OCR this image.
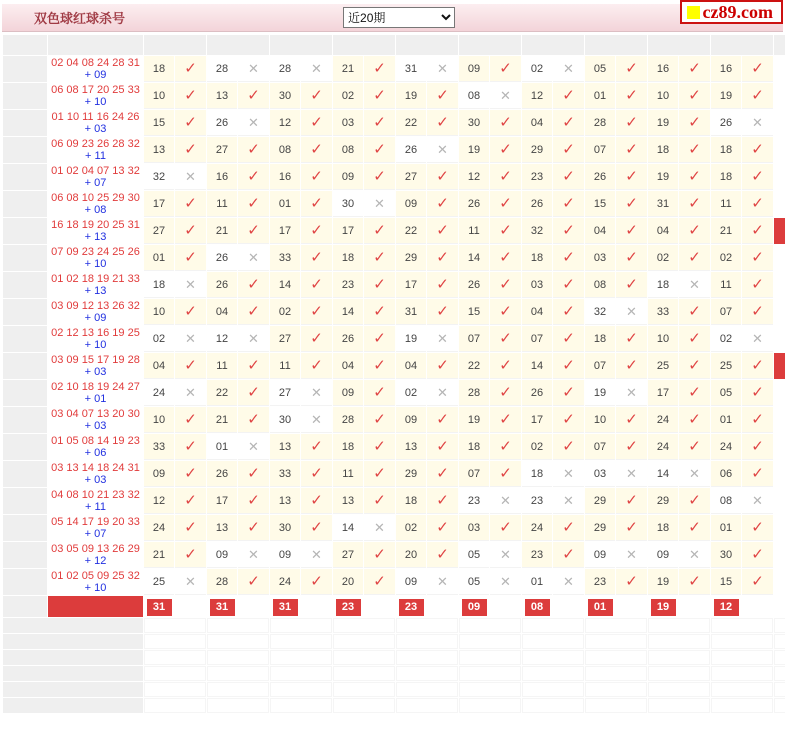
双色球红球杀号
近20期	cz89.com

	02 04 08 24 28 31
+ 09	18	✓	28	✕	28	✕	21	✓	31	✕	09	✓	02	✕	05	✓	16	✓	16	✓	

	06 08 17 20 25 33
+ 10	10	✓	13	✓	30	✓	02	✓	19	✓	08	✕	12	✓	01	✓	10	✓	19	✓	

	01 10 11 16 24 26
+ 03	15	✓	26	✕	12	✓	03	✓	22	✓	30	✓	04	✓	28	✓	19	✓	26	✕	

	06 09 23 26 28 32
+ 11	13	✓	27	✓	08	✓	08	✓	26	✕	19	✓	29	✓	07	✓	18	✓	18	✓	

	01 02 04 07 13 32
+ 07	32	✕	16	✓	16	✓	09	✓	27	✓	12	✓	23	✓	26	✓	19	✓	18	✓	

	06 08 10 25 29 30
+ 08	17	✓	11	✓	01	✓	30	✕	09	✓	26	✓	26	✓	15	✓	31	✓	11	✓	

	16 18 19 20 25 31
+ 13	27	✓	21	✓	17	✓	17	✓	22	✓	11	✓	32	✓	04	✓	04	✓	21	✓	

	07 09 23 24 25 26
+ 10	01	✓	26	✕	33	✓	18	✓	29	✓	14	✓	18	✓	03	✓	02	✓	02	✓	

	01 02 18 19 21 33
+ 13	18	✕	26	✓	14	✓	23	✓	17	✓	26	✓	03	✓	08	✓	18	✕	11	✓	

	03 09 12 13 26 32
+ 09	10	✓	04	✓	02	✓	14	✓	31	✓	15	✓	04	✓	32	✕	33	✓	07	✓	

	02 12 13 16 19 25
+ 10	02	✕	12	✕	27	✓	26	✓	19	✕	07	✓	07	✓	18	✓	10	✓	02	✕	

	03 09 15 17 19 28
+ 03	04	✓	11	✓	11	✓	04	✓	04	✓	22	✓	14	✓	07	✓	25	✓	25	✓	

	02 10 18 19 24 27
+ 01	24	✕	22	✓	27	✕	09	✓	02	✕	28	✓	26	✓	19	✕	17	✓	05	✓	

	03 04 07 13 20 30
+ 03	10	✓	21	✓	30	✕	28	✓	09	✓	19	✓	17	✓	10	✓	24	✓	01	✓	

	01 05 08 14 19 23
+ 06	33	✓	01	✕	13	✓	18	✓	13	✓	18	✓	02	✓	07	✓	24	✓	24	✓	

	03 13 14 18 24 31
+ 03	09	✓	26	✓	33	✓	11	✓	29	✓	07	✓	18	✕	03	✕	14	✕	06	✓	

	04 08 10 21 23 32
+ 11	12	✓	17	✓	13	✓	13	✓	18	✓	23	✕	23	✕	29	✓	29	✓	08	✕	

	05 14 17 19 20 33
+ 07	24	✓	13	✓	30	✓	14	✕	02	✓	03	✓	24	✓	29	✓	18	✓	01	✓	

	03 05 09 13 26 29
+ 12	21	✓	09	✕	09	✕	27	✓	20	✓	05	✕	23	✓	09	✕	09	✕	30	✓	

	01 02 05 09 25 32
+ 10	25	✕	28	✓	24	✓	20	✓	09	✕	05	✕	01	✕	23	✓	19	✓	15	✓	
		31		31		31		23		23		09		08		01		19		12		
